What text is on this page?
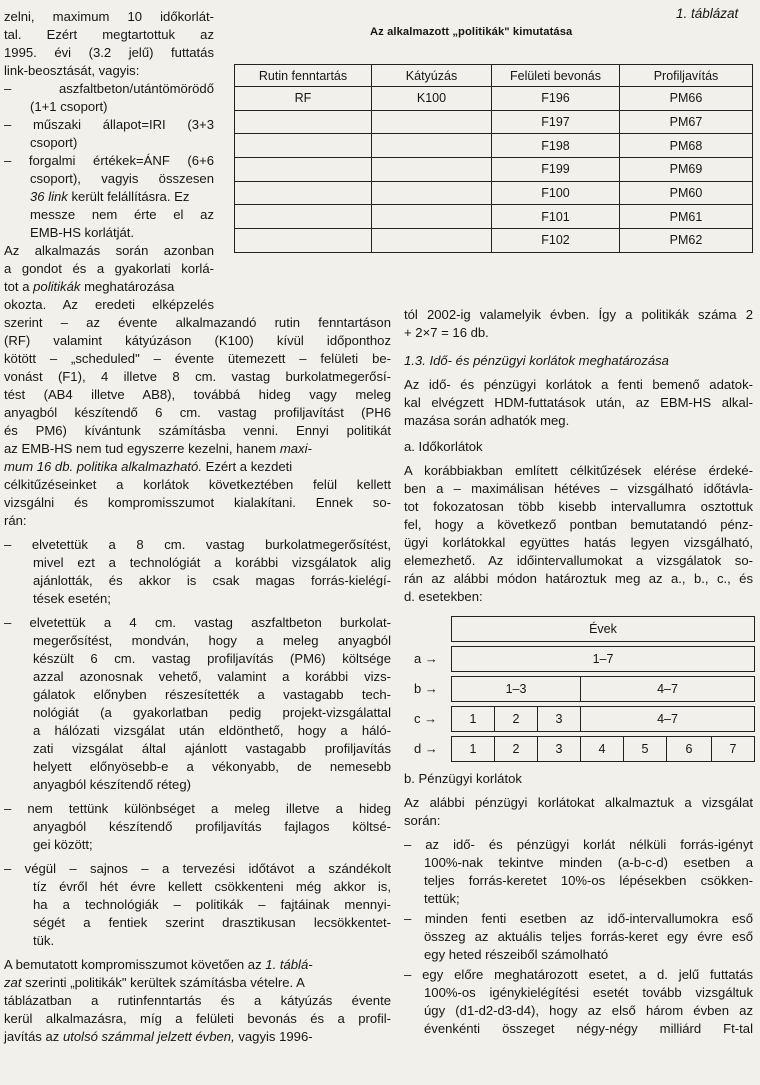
1. táblázat
Az alkalmazott „politikák" kimutatása
Rutin fenntartás	Kátyúzás	Felületi bevonás	Profiljavítás
RF	K100	F196	PM66
		F197	PM67
		F198	PM68
		F199	PM69
		F100	PM60
		F101	PM61
		F102	PM62
zelni, maximum 10 időkorlát-
tal. Ezért megtartottuk az
1995. évi (3.2 jelű) futtatás
link-beosztását, vagyis:
– aszfaltbeton/utántömörödő
(1+1 csoport)
– műszaki állapot=IRI (3+3
csoport)
– forgalmi értékek=ÁNF (6+6
csoport), vagyis összesen
36 link került felállításra. Ez
messze nem érte el az
EMB-HS korlátját.
Az alkalmazás során azonban
a gondot és a gyakorlati korlá-
tot a politikák meghatározása
okozta. Az eredeti elképzelés
szerint – az évente alkalmazandó rutin fenntartáson
(RF) valamint kátyúzáson (K100) kívül időponthoz
kötött – „scheduled" – évente ütemezett – felületi be-
vonást (F1), 4 illetve 8 cm. vastag burkolatmegerősí-
tést (AB4 illetve AB8), továbbá hideg vagy meleg
anyagból készítendő 6 cm. vastag profiljavítást (PH6
és PM6) kívántunk számításba venni. Ennyi politikát
az EMB-HS nem tud egyszerre kezelni, hanem maxi-
mum 16 db. politika alkalmazható. Ezért a kezdeti
célkitűzéseinket a korlátok következtében felül kellett
vizsgálni és kompromisszumot kialakítani. Ennek so-
rán:
– elvetettük a 8 cm. vastag burkolatmegerősítést,
mivel ezt a technológiát a korábbi vizsgálatok alig
ajánlották, és akkor is csak magas forrás-kielégí-
tések esetén;
– elvetettük a 4 cm. vastag aszfaltbeton burkolat-
megerősítést, mondván, hogy a meleg anyagból
készült 6 cm. vastag profiljavítás (PM6) költsége
azzal azonosnak vehető, valamint a korábbi vizs-
gálatok előnyben részesítették a vastagabb tech-
nológiát (a gyakorlatban pedig projekt-vizsgálattal
a hálózati vizsgálat után eldönthető, hogy a háló-
zati vizsgálat által ajánlott vastagabb profiljavítás
helyett előnyösebb-e a vékonyabb, de nemesebb
anyagból készítendő réteg)
– nem tettünk különbséget a meleg illetve a hideg
anyagból készítendő profiljavítás fajlagos költsé-
gei között;
– végül – sajnos – a tervezési időtávot a szándékolt
tíz évről hét évre kellett csökkenteni még akkor is,
ha a technológiák – politikák – fajtáinak mennyi-
ségét a fentiek szerint drasztikusan lecsökkentet-
tük.
A bemutatott kompromisszumot követően az 1. táblá-
zat szerinti „politikák" kerültek számításba vételre. A
táblázatban a rutinfenntartás és a kátyúzás évente
kerül alkalmazásra, míg a felületi bevonás és a profil-
javítás az utolsó számmal jelzett évben, vagyis 1996-
tól 2002-ig valamelyik évben. Így a politikák száma 2
+ 2×7 = 16 db.
1.3. Idő- és pénzügyi korlátok meghatározása
Az idő- és pénzügyi korlátok a fenti bemenő adatok-
kal elvégzett HDM-futtatások után, az EBM-HS alkal-
mazása során adhatók meg.
a. Időkorlátok
A korábbiakban említett célkitűzések elérése érdeké-
ben a – maximálisan hétéves – vizsgálható időtávla-
tot fokozatosan több kisebb intervallumra osztottuk
fel, hogy a következő pontban bemutatandó pénz-
ügyi korlátokkal együttes hatás legyen vizsgálható,
elemezhető. Az időintervallumokat a vizsgálatok so-
rán az alábbi módon határoztuk meg az a., b., c., és
d. esetekben:
b. Pénzügyi korlátok
Az alábbi pénzügyi korlátokat alkalmaztuk a vizsgálat
során:
– az idő- és pénzügyi korlát nélküli forrás-igényt
100%-nak tekintve minden (a-b-c-d) esetben a
teljes forrás-keretet 10%-os lépésekben csökken-
tettük;
– minden fenti esetben az idő-intervallumokra eső
összeg az aktuális teljes forrás-keret egy évre eső
egy heted részeiből számolható
– egy előre meghatározott esetet, a d. jelű futtatás
100%-os igénykielégítési esetét tovább vizsgáltuk
úgy (d1-d2-d3-d4), hogy az első három évben az
évenkénti összeget négy-négy milliárd Ft-tal
Évek
a →	1–7
b →	1–3	4–7
c →	1	2	3	4–7
d →	1	2	3	4	5	6	7
